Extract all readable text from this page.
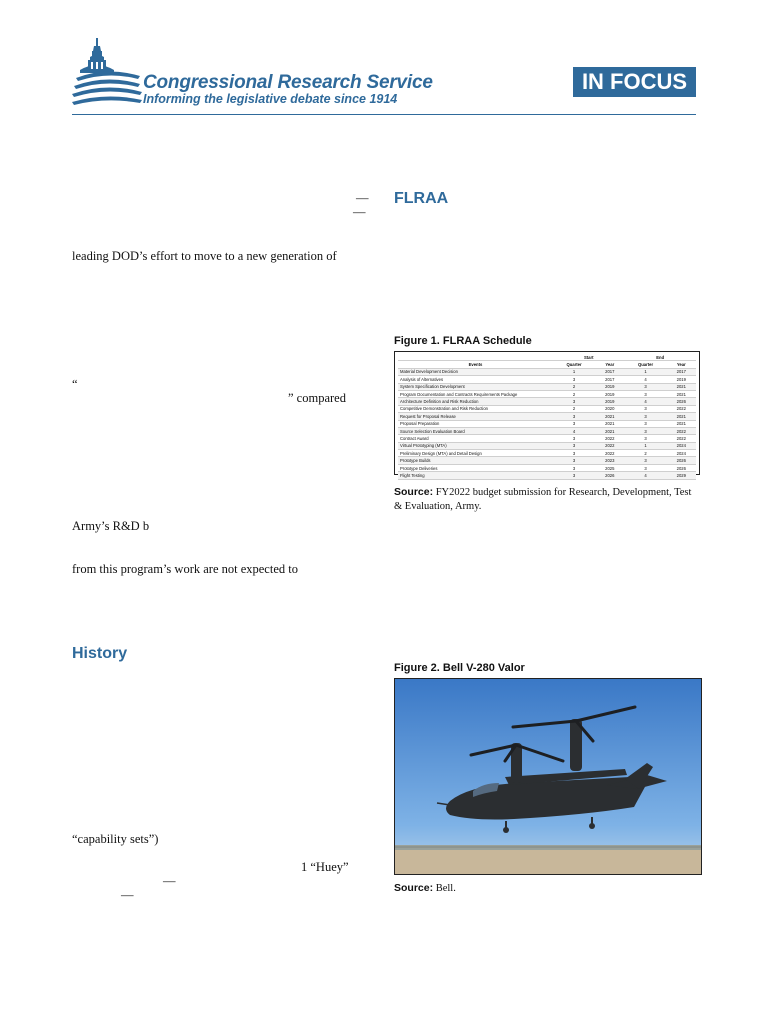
Congressional Research Service
Informing the legislative debate since 1914
IN FOCUS
—
—
leading DOD’s effort to move to a new generation of
“
” compared
Army’s R&D b
from this program’s work are not expected to
History
“capability sets”)
1 “Huey”
—
—
FLRAA
Figure 1. FLRAA Schedule
	Start		End	
Events	Quarter	Year	Quarter	Year
Material Development Decision	1	2017	1	2017
Analysis of Alternatives	3	2017	4	2019
System Specification Development	2	2019	3	2021
Program Documentation and Contracts Requirements Package	2	2019	3	2021
Architecture Definition and Risk Reduction	3	2019	4	2026
Competitive Demonstration and Risk Reduction	2	2020	3	2022
Request for Proposal Release	3	2021	3	2021
Proposal Preparation	3	2021	3	2021
Source Selection Evaluation Board	4	2021	3	2022
Contract Award	3	2022	3	2022
Virtual Prototyping (MTA)	3	2022	1	2024
Preliminary Design (MTA) and Detail Design	3	2022	2	2024
Prototype Builds	3	2023	3	2026
Prototype Deliveries	3	2025	3	2026
Flight Testing	3	2026	4	2029
Source: FY2022 budget submission for Research, Development, Test & Evaluation, Army.
Figure 2. Bell V-280 Valor
Source: Bell.
